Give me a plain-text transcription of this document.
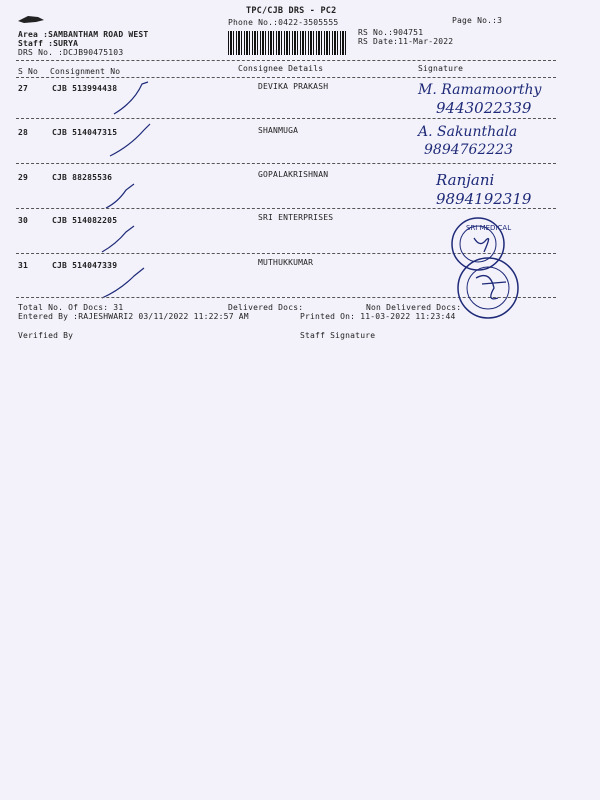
TPC/CJB DRS - PC2
Phone No.:0422-3505555	Page No.:3
Area :SAMBANTHAM ROAD WEST
Staff :SURYA
DRS No. :DCJB90475103
RS No.:904751
RS Date:11-Mar-2022
S No Consignment No	Consignee Details	Signature
27	CJB 513994438	DEVIKA PRAKASH	M. Ramamoorthy
9443022339
28	CJB 514047315	SHANMUGA	A. Sakunthala
9894762223
29	CJB 88285536	GOPALAKRISHNAN	Ranjani
9894192319
30	CJB 514082205	SRI ENTERPRISES
31	CJB 514047339	MUTHUKKUMAR
SRI MEDICAL
Total No. Of Docs: 31	Delivered Docs:	Non Delivered Docs:
Entered By :RAJESHWARI2 03/11/2022 11:22:57 AM	Printed On: 11-03-2022 11:23:44
Verified By	Staff Signature
